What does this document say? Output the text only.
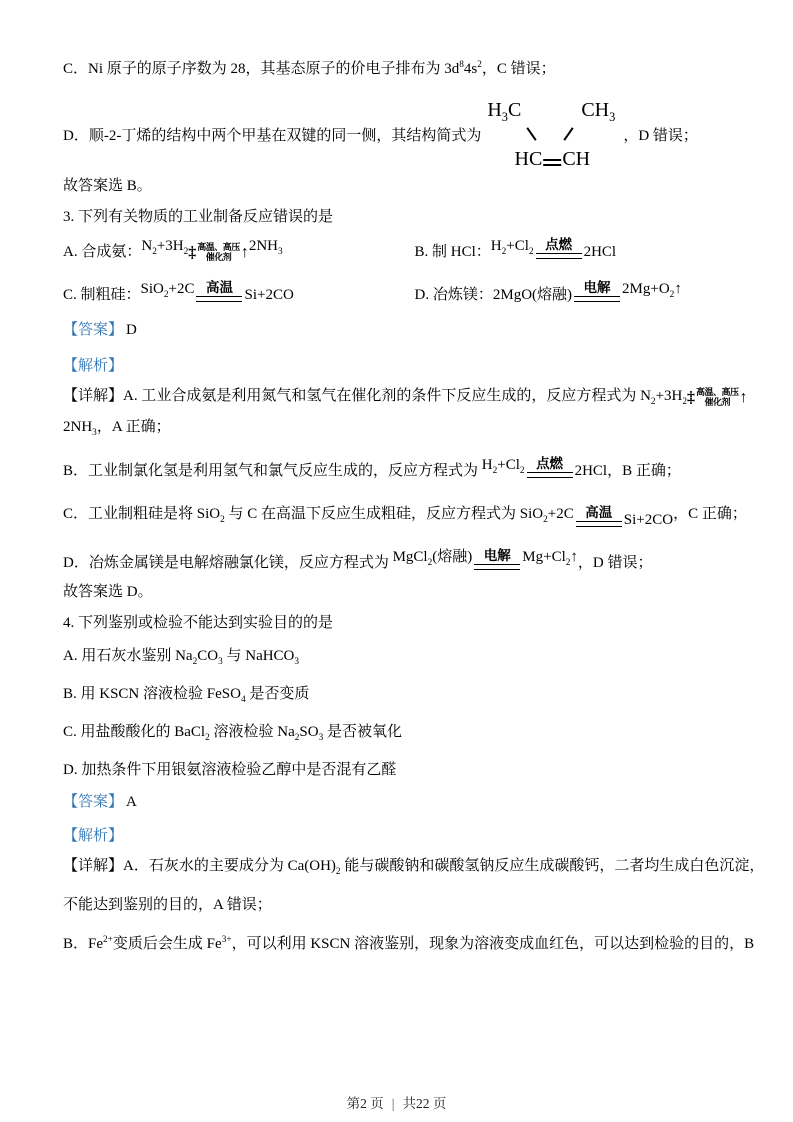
C．Ni 原子的原子序数为 28，其基态原子的价电子排布为 $3d^84s^2$，C 错误；

D．顺-2-丁烯的结构中两个甲基在双键的同一侧，其结构简式为
$H_3C$	$CH_3$
HC CH
，D 错误；

故答案选 B。

3. 下列有关物质的工业制备反应错误的是

A. 合成氨： $N_2+3H_2$ ‡ 高温、高压
催化剂 ↑ $2NH_3$	B. 制 HCl： $H_2+Cl_2$ 点燃 2HCl

C. 制粗硅： SiO$_2$+2C 高温 Si+2CO	D. 冶炼镁： 2MgO(熔融) 电解 $2Mg+O_2↑$

【答案】 D

【解析】

【详解】A. 工业合成氨是利用氮气和氢气在催化剂的条件下反应生成的，反应方程式为 $N_2+3H_2$ ‡ 高温、高压
催化剂 ↑

$2NH_3$，A 正确；

B．工业制氯化氢是利用氢气和氯气反应生成的，反应方程式为 $H_2+Cl_2$ 点燃 2HCl ，B 正确；

C．工业制粗硅是将 SiO$_2$ 与 C 在高温下反应生成粗硅，反应方程式为 SiO$_2$+2C 高温 Si+2CO ，C 正确；

D．冶炼金属镁是电解熔融氯化镁，反应方程式为 MgCl$_2$(熔融) 电解 $Mg+Cl_2↑$ ，D 错误；

故答案选 D。

4. 下列鉴别或检验不能达到实验目的的是

A. 用石灰水鉴别 $Na_2CO_3$ 与 NaHCO$_3$

B. 用 KSCN 溶液检验 FeSO$_4$ 是否变质

C. 用盐酸酸化的 BaCl$_2$ 溶液检验 $Na_2SO_3$ 是否被氧化

D. 加热条件下用银氨溶液检验乙醇中是否混有乙醛

【答案】 A

【解析】

【详解】A．石灰水的主要成分为 $Ca(OH)_2$ 能与碳酸钠和碳酸氢钠反应生成碳酸钙，二者均生成白色沉淀，

不能达到鉴别的目的，A 错误；

B．$Fe^{2+}$变质后会生成 $Fe^{3+}$，可以利用 KSCN 溶液鉴别，现象为溶液变成血红色，可以达到检验的目的，B

第2 页 | 共22 页
